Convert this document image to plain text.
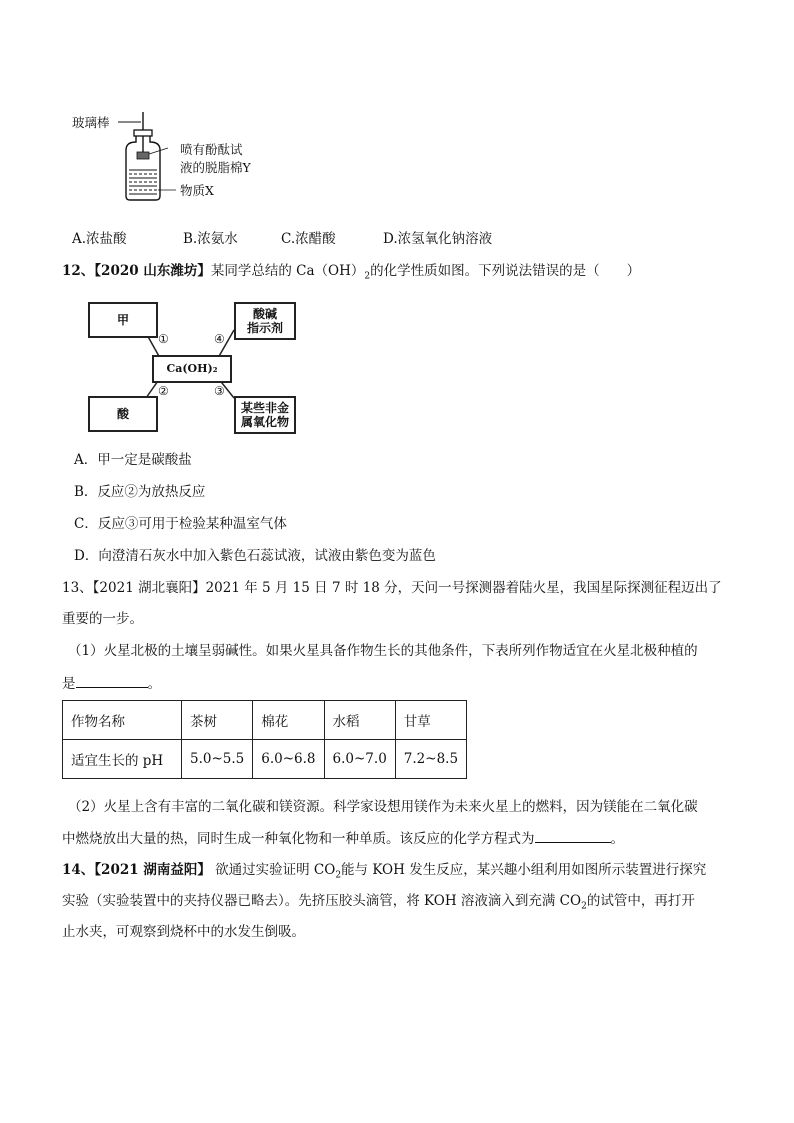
玻璃棒
喷有酚酞试
液的脱脂棉Y
物质X
A.浓盐酸	B.浓氨水	C.浓醋酸	D.浓氢氧化钠溶液
12、【2020 山东潍坊】某同学总结的 $Ca(OH)_2$的化学性质如图。下列说法错误的是（　　）
甲	酸碱
指示剂
Ca(OH)₂
酸	某些非金
属氧化物
①	④
②	③
A．甲一定是碳酸盐
B．反应②为放热反应
C．反应③可用于检验某种温室气体
D．向澄清石灰水中加入紫色石蕊试液，试液由紫色变为蓝色
13、【2021 湖北襄阳】2021 年 5 月 15 日 7 时 18 分，天问一号探测器着陆火星，我国星际探测征程迈出了
重要的一步。
（1）火星北极的土壤呈弱碱性。如果火星具备作物生长的其他条件，下表所列作物适宜在火星北极种植的
是	。
作物名称	茶树	棉花	水稻	甘草
适宜生长的 pH	5.0~5.5	6.0~6.8	6.0~7.0	7.2~8.5
（2）火星上含有丰富的二氧化碳和镁资源。科学家设想用镁作为未来火星上的燃料，因为镁能在二氧化碳
中燃烧放出大量的热，同时生成一种氧化物和一种单质。该反应的化学方程式为	。
14、【2021 湖南益阳】 欲通过实验证明 $CO_2$能与 KOH 发生反应，某兴趣小组利用如图所示装置进行探究
实验（实验装置中的夹持仪器已略去）。先挤压胶头滴管，将 KOH 溶液滴入到充满 $CO_2$的试管中，再打开
止水夹，可观察到烧杯中的水发生倒吸。
